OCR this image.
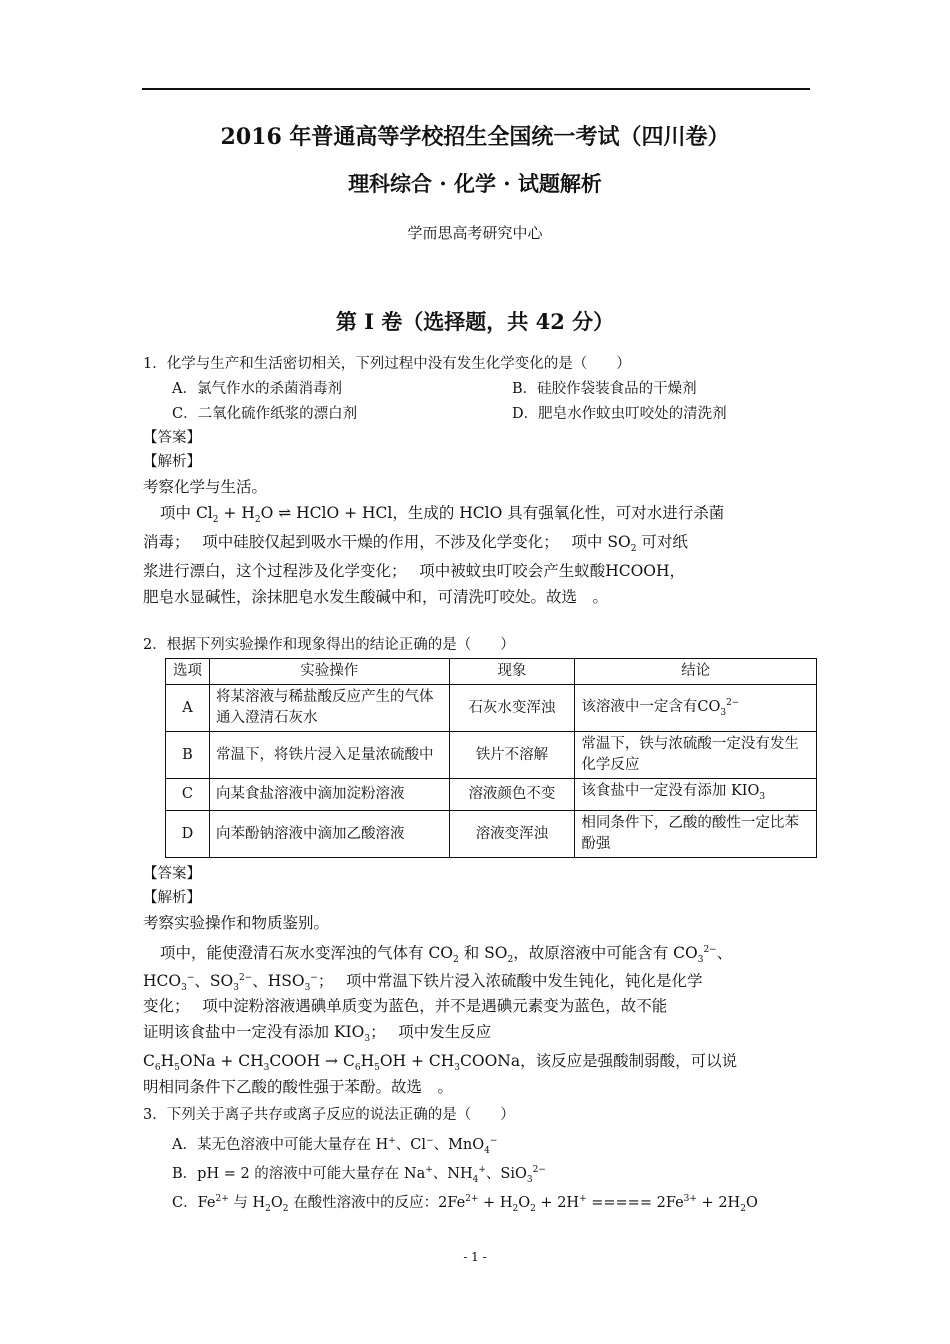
2016 年普通高等学校招生全国统一考试（四川卷）
理科综合 · 化学 · 试题解析
学而思高考研究中心
第 I 卷（选择题，共 42 分）
1．化学与生产和生活密切相关，下列过程中没有发生化学变化的是（　　）
A．氯气作水的杀菌消毒剂	B．硅胶作袋装食品的干燥剂
C．二氧化硫作纸浆的漂白剂	D．肥皂水作蚊虫叮咬处的清洗剂
【答案】
【解析】
考察化学与生活。
项中 $Cl_2 + H_2O$ ⇌ HClO + HCl，生成的 HClO 具有强氧化性，可对水进行杀菌
消毒；　 项中硅胶仅起到吸水干燥的作用，不涉及化学变化；　 项中 $SO_2$ 可对纸
浆进行漂白，这个过程涉及化学变化；　 项中被蚊虫叮咬会产生蚁酸HCOOH，
肥皂水显碱性，涂抹肥皂水发生酸碱中和，可清洗叮咬处。故选　 。
2．根据下列实验操作和现象得出的结论正确的是（　　）
选项	实验操作	现象	结论
A	将某溶液与稀盐酸反应产生的气体通入澄清石灰水	石灰水变浑浊	该溶液中一定含有$CO_3^{2-}$
B	常温下，将铁片浸入足量浓硫酸中	铁片不溶解	常温下，铁与浓硫酸一定没有发生化学反应
C	向某食盐溶液中滴加淀粉溶液	溶液颜色不变	该食盐中一定没有添加 $KIO_3$
D	向苯酚钠溶液中滴加乙酸溶液	溶液变浑浊	相同条件下，乙酸的酸性一定比苯酚强
【答案】
【解析】
考察实验操作和物质鉴别。
项中，能使澄清石灰水变浑浊的气体有 $CO_2$ 和 $SO_2$，故原溶液中可能含有 $CO_3^{2-}$、
$HCO_3^-$、$SO_3^{2-}$、$HSO_3^-$；　 项中常温下铁片浸入浓硫酸中发生钝化，钝化是化学
变化；　 项中淀粉溶液遇碘单质变为蓝色，并不是遇碘元素变为蓝色，故不能
证明该食盐中一定没有添加 $KIO_3$；　 项中发生反应
$C_6H_5ONa$ + $CH_3COOH \to C_6H_5OH$ + $CH_3COONa$，该反应是强酸制弱酸，可以说
明相同条件下乙酸的酸性强于苯酚。故选　 。
3．下列关于离子共存或离子反应的说法正确的是（　　）
A．某无色溶液中可能大量存在 H+、Cl−、MnO$_4$−
B．pH = 2 的溶液中可能大量存在 Na+、$NH_4^+$、SiO$_3^{2-}$
C．$Fe^{2+}$ 与 $H_2O_2$ 在酸性溶液中的反应：$2Fe^{2+} + H_2O_2 + 2H^+$ ===== $2Fe^{3+} + 2H_2O$
- 1 -
